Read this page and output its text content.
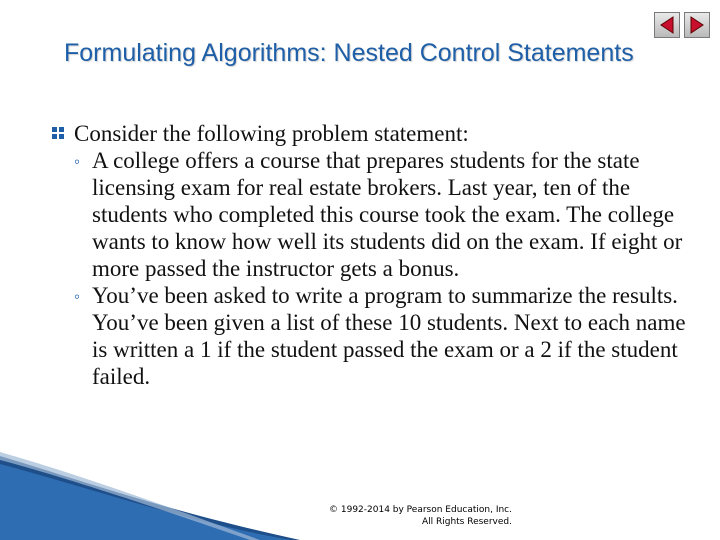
Formulating Algorithms: Nested Control Statements
Consider the following problem statement:
◦ A college offers a course that prepares students for the state licensing exam for real estate brokers. Last year, ten of the students who completed this course took the exam. The college wants to know how well its students did on the exam. If eight or more passed the instructor gets a bonus.
◦ You’ve been asked to write a program to summarize the results. You’ve been given a list of these 10 students. Next to each name is written a 1 if the student passed the exam or a 2 if the student failed.
© 1992-2014 by Pearson Education, Inc.
All Rights Reserved.
